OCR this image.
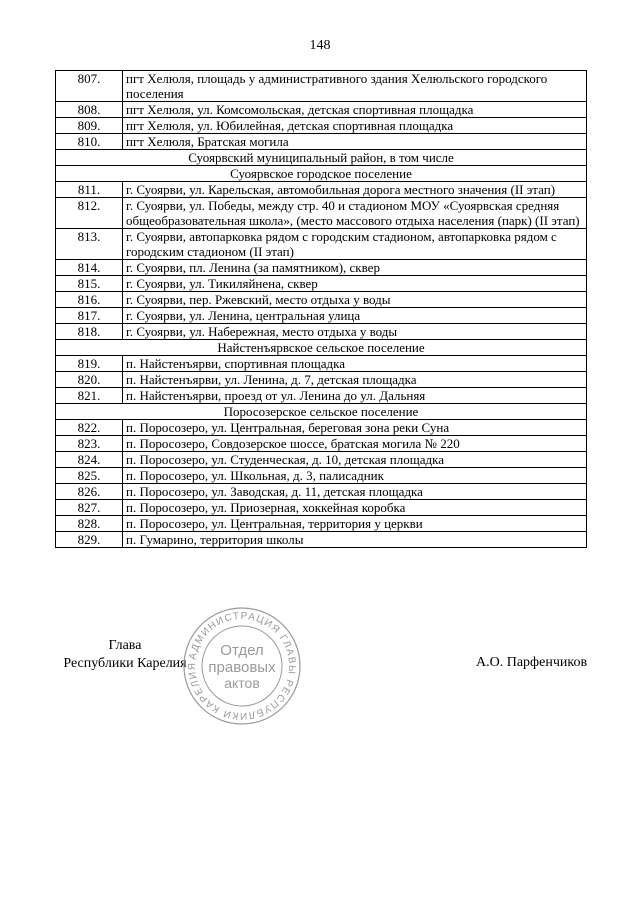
148
807.	пгт Хелюля, площадь у административного здания Хелюльского городского поселения
808.	пгт Хелюля, ул. Комсомольская, детская спортивная площадка
809.	пгт Хелюля, ул. Юбилейная, детская спортивная площадка
810.	пгт Хелюля, Братская могила
Суоярвский муниципальный район, в том числе	
Суоярвское городское поселение	
811.	г. Суоярви, ул. Карельская, автомобильная дорога местного значения (II этап)
812.	г. Суоярви, ул. Победы, между стр. 40 и стадионом МОУ «Суоярвская средняя общеобразовательная школа», (место массового отдыха населения (парк) (II этап)
813.	г. Суоярви, автопарковка рядом с городским стадионом, автопарковка рядом с городским стадионом (II этап)
814.	г. Суоярви, пл. Ленина (за памятником), сквер
815.	г. Суоярви, ул. Тикиляйнена, сквер
816.	г. Суоярви, пер. Ржевский, место отдыха у воды
817.	г. Суоярви, ул. Ленина, центральная улица
818.	г. Суоярви, ул. Набережная, место отдыха у воды
Найстенъярвское сельское поселение	
819.	п. Найстенъярви, спортивная площадка
820.	п. Найстенъярви, ул. Ленина, д. 7, детская площадка
821.	п. Найстенъярви, проезд от ул. Ленина до ул. Дальняя
Поросозерское сельское поселение	
822.	п. Поросозеро, ул. Центральная, береговая зона реки Суна
823.	п. Поросозеро, Совдозерское шоссе, братская могила № 220
824.	п. Поросозеро, ул. Студенческая, д. 10, детская площадка
825.	п. Поросозеро, ул. Школьная, д. 3, палисадник
826.	п. Поросозеро, ул. Заводская, д. 11, детская площадка
827.	п. Поросозеро, ул. Приозерная, хоккейная коробка
828.	п. Поросозеро, ул. Центральная, территория у церкви
829.	п. Гумарино, территория школы
Глава
Республики Карелия
АДМИНИСТРАЦИЯ ГЛАВЫ РЕСПУБЛИКИ КАРЕЛИЯ
Отдел
правовых
актов
А.О. Парфенчиков
